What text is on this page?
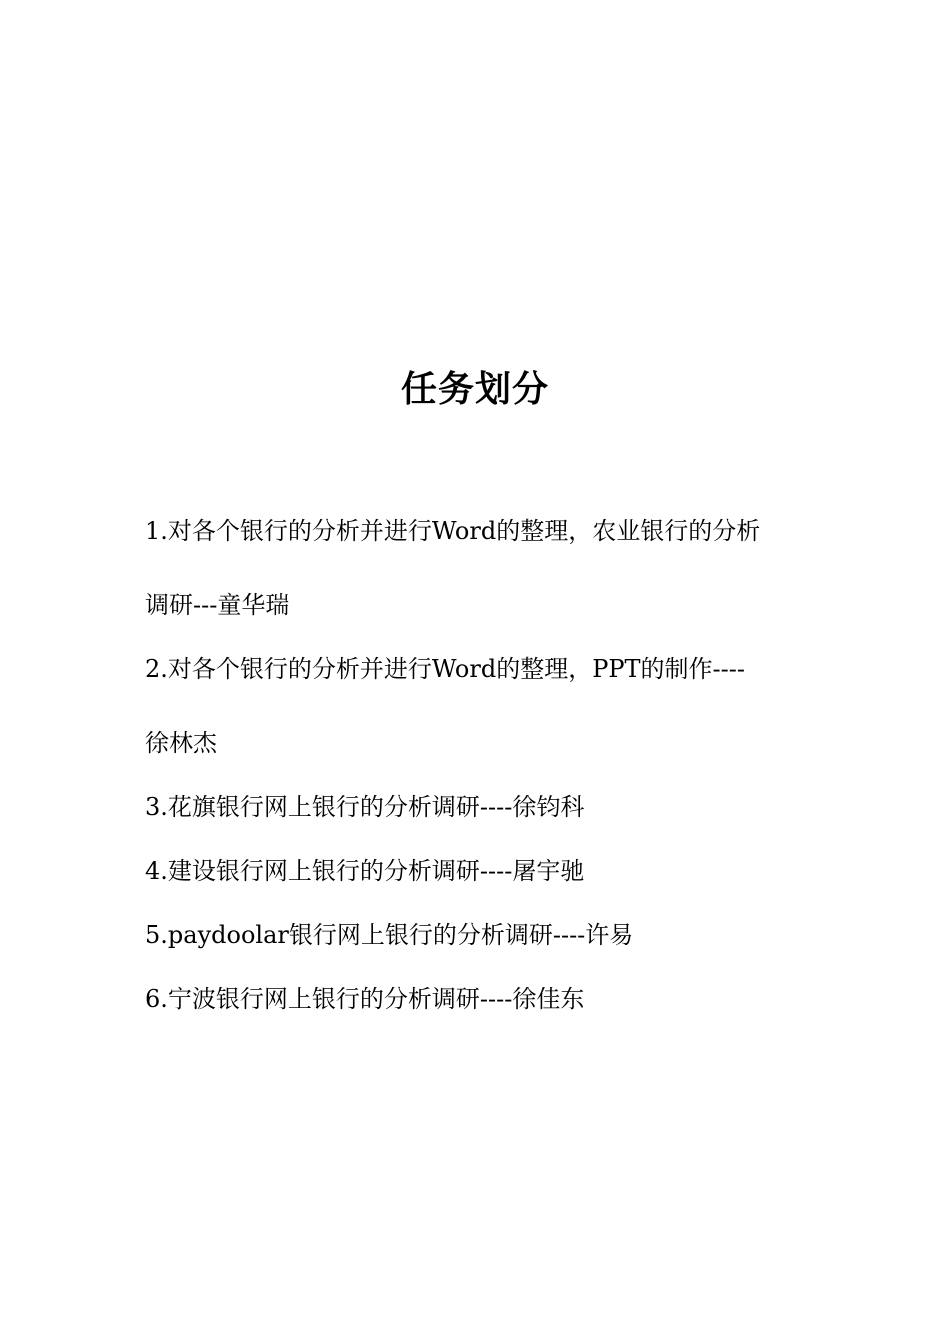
任务划分
1.对各个银行的分析并进行Word的整理，农业银行的分析
调研---童华瑞
2.对各个银行的分析并进行Word的整理，PPT的制作----
徐林杰
3.花旗银行网上银行的分析调研----徐钧科
4.建设银行网上银行的分析调研----屠宇驰
5.paydoolar银行网上银行的分析调研----许易
6.宁波银行网上银行的分析调研----徐佳东
